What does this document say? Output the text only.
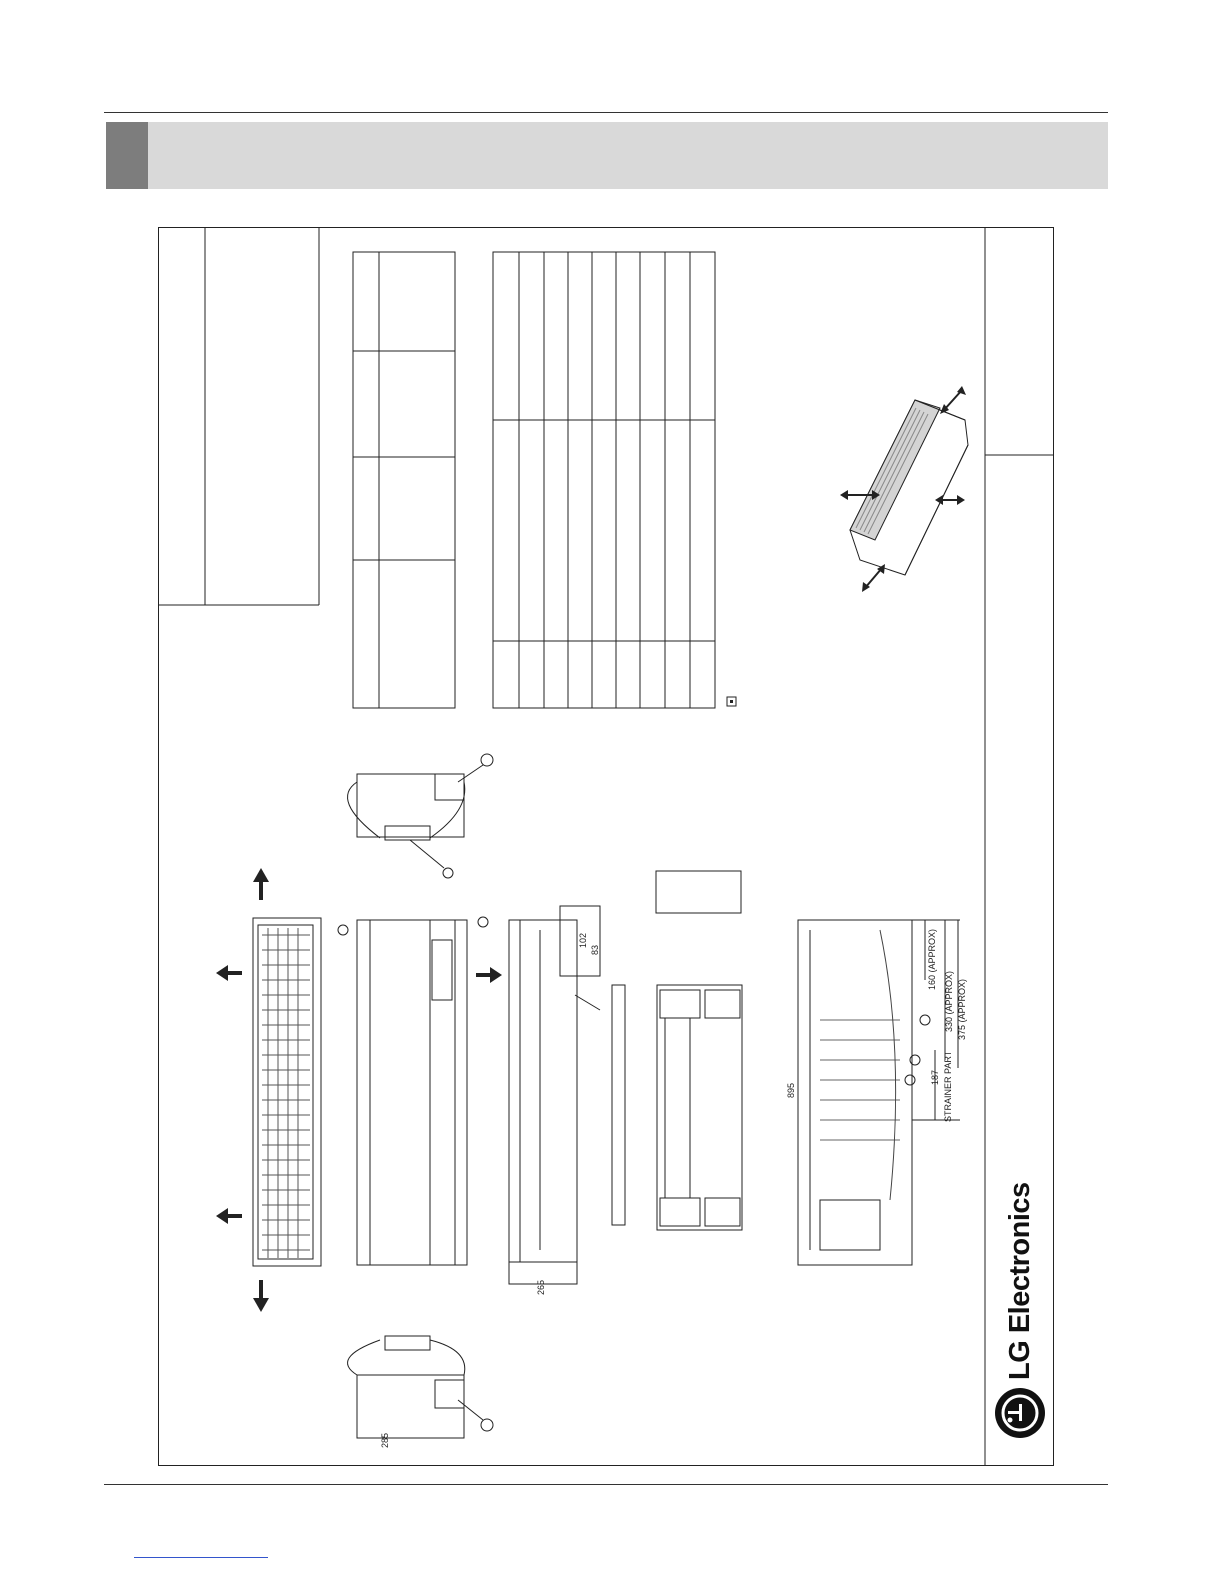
895
285
265
102
83	160 (APPROX)
330 (APPROX) 375 (APPROX)
187 STRAINER PART
LG Electronics
